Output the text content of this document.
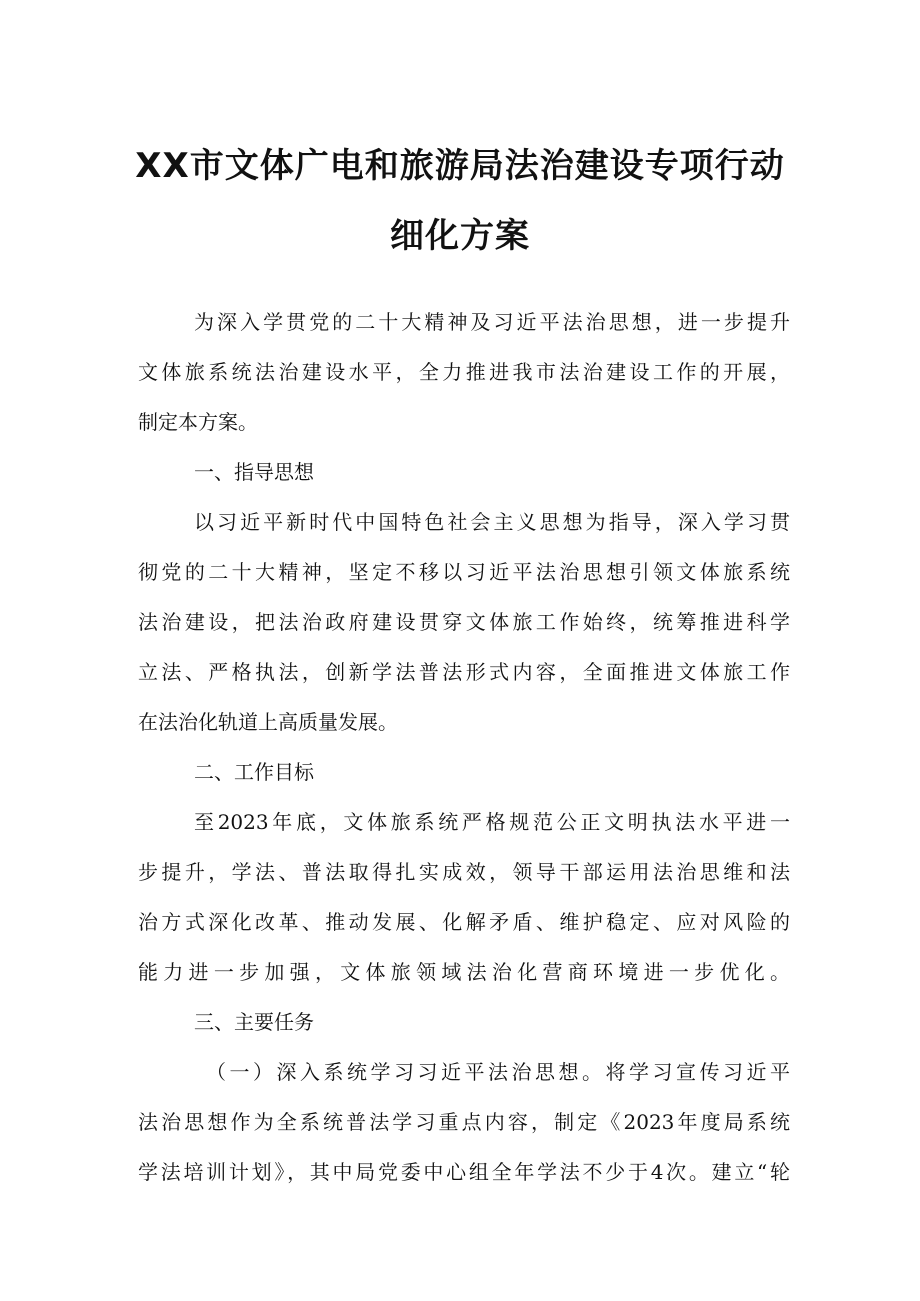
XX市文体广电和旅游局法治建设专项行动
细化方案
为深入学贯党的二十大精神及习近平法治思想，进一步提升
文体旅系统法治建设水平，全力推进我市法治建设工作的开展，
制定本方案。
一、指导思想
以习近平新时代中国特色社会主义思想为指导，深入学习贯
彻党的二十大精神，坚定不移以习近平法治思想引领文体旅系统
法治建设，把法治政府建设贯穿文体旅工作始终，统筹推进科学
立法、严格执法，创新学法普法形式内容，全面推进文体旅工作
在法治化轨道上高质量发展。
二、工作目标
至2023年底，文体旅系统严格规范公正文明执法水平进一
步提升，学法、普法取得扎实成效，领导干部运用法治思维和法
治方式深化改革、推动发展、化解矛盾、维护稳定、应对风险的
能力进一步加强，文体旅领域法治化营商环境进一步优化。
三、主要任务
（一）深入系统学习习近平法治思想。将学习宣传习近平
法治思想作为全系统普法学习重点内容，制定《2023年度局系统
学法培训计划》，其中局党委中心组全年学法不少于4次。建立“轮
